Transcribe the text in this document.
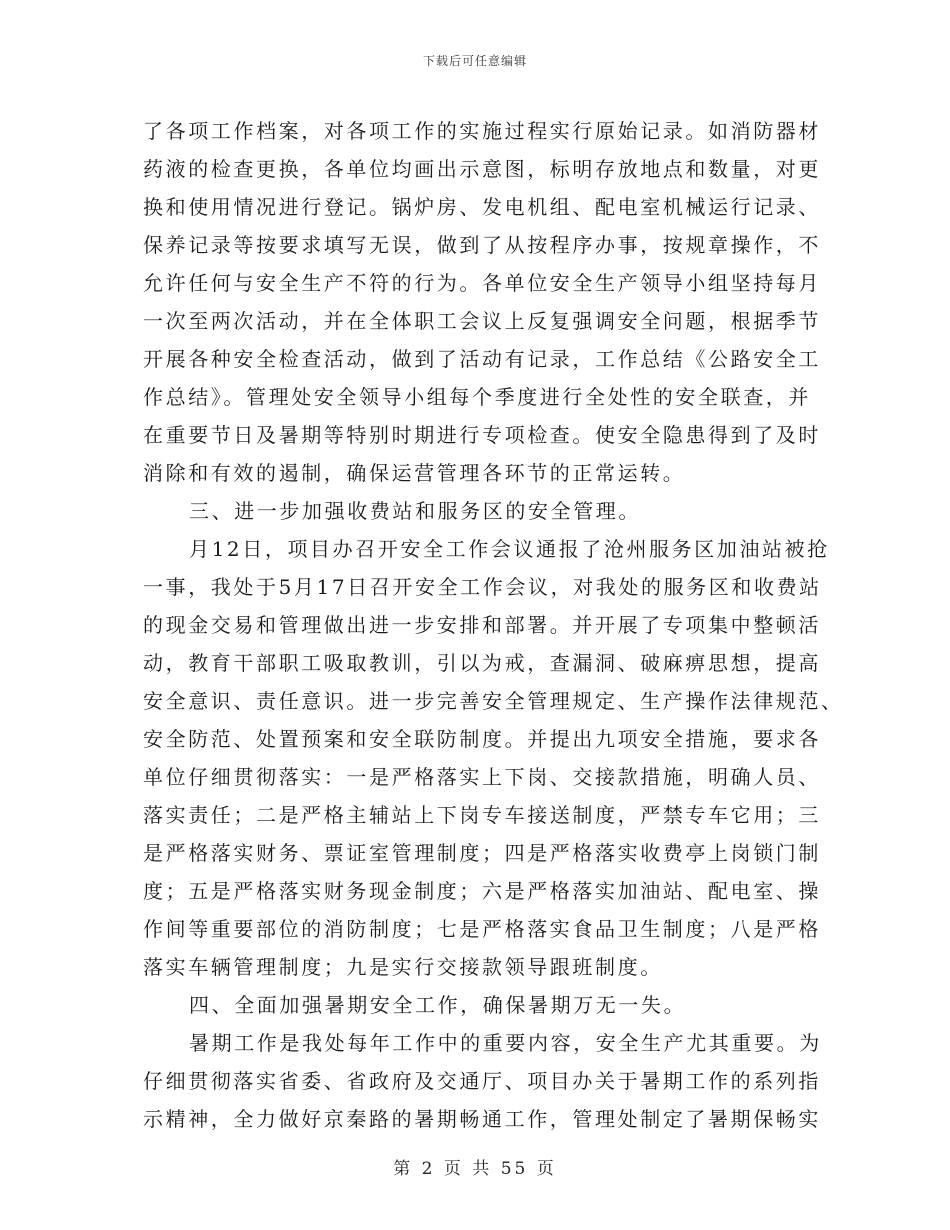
下载后可任意编辑
了各项工作档案，对各项工作的实施过程实行原始记录。如消防器材
药液的检查更换，各单位均画出示意图，标明存放地点和数量，对更
换和使用情况进行登记。锅炉房、发电机组、配电室机械运行记录、
保养记录等按要求填写无误，做到了从按程序办事，按规章操作，不
允许任何与安全生产不符的行为。各单位安全生产领导小组坚持每月
一次至两次活动，并在全体职工会议上反复强调安全问题，根据季节
开展各种安全检查活动，做到了活动有记录，工作总结《公路安全工
作总结》。管理处安全领导小组每个季度进行全处性的安全联查，并
在重要节日及暑期等特别时期进行专项检查。使安全隐患得到了及时
消除和有效的遏制，确保运营管理各环节的正常运转。
三、进一步加强收费站和服务区的安全管理。
月12日，项目办召开安全工作会议通报了沧州服务区加油站被抢
一事，我处于5月17日召开安全工作会议，对我处的服务区和收费站
的现金交易和管理做出进一步安排和部署。并开展了专项集中整顿活
动，教育干部职工吸取教训，引以为戒，查漏洞、破麻痹思想，提高
安全意识、责任意识。进一步完善安全管理规定、生产操作法律规范、
安全防范、处置预案和安全联防制度。并提出九项安全措施，要求各
单位仔细贯彻落实：一是严格落实上下岗、交接款措施，明确人员、
落实责任；二是严格主辅站上下岗专车接送制度，严禁专车它用；三
是严格落实财务、票证室管理制度；四是严格落实收费亭上岗锁门制
度；五是严格落实财务现金制度；六是严格落实加油站、配电室、操
作间等重要部位的消防制度；七是严格落实食品卫生制度；八是严格
落实车辆管理制度；九是实行交接款领导跟班制度。
四、全面加强暑期安全工作，确保暑期万无一失。
暑期工作是我处每年工作中的重要内容，安全生产尤其重要。为
仔细贯彻落实省委、省政府及交通厅、项目办关于暑期工作的系列指
示精神，全力做好京秦路的暑期畅通工作，管理处制定了暑期保畅实
第 2 页 共 55 页
